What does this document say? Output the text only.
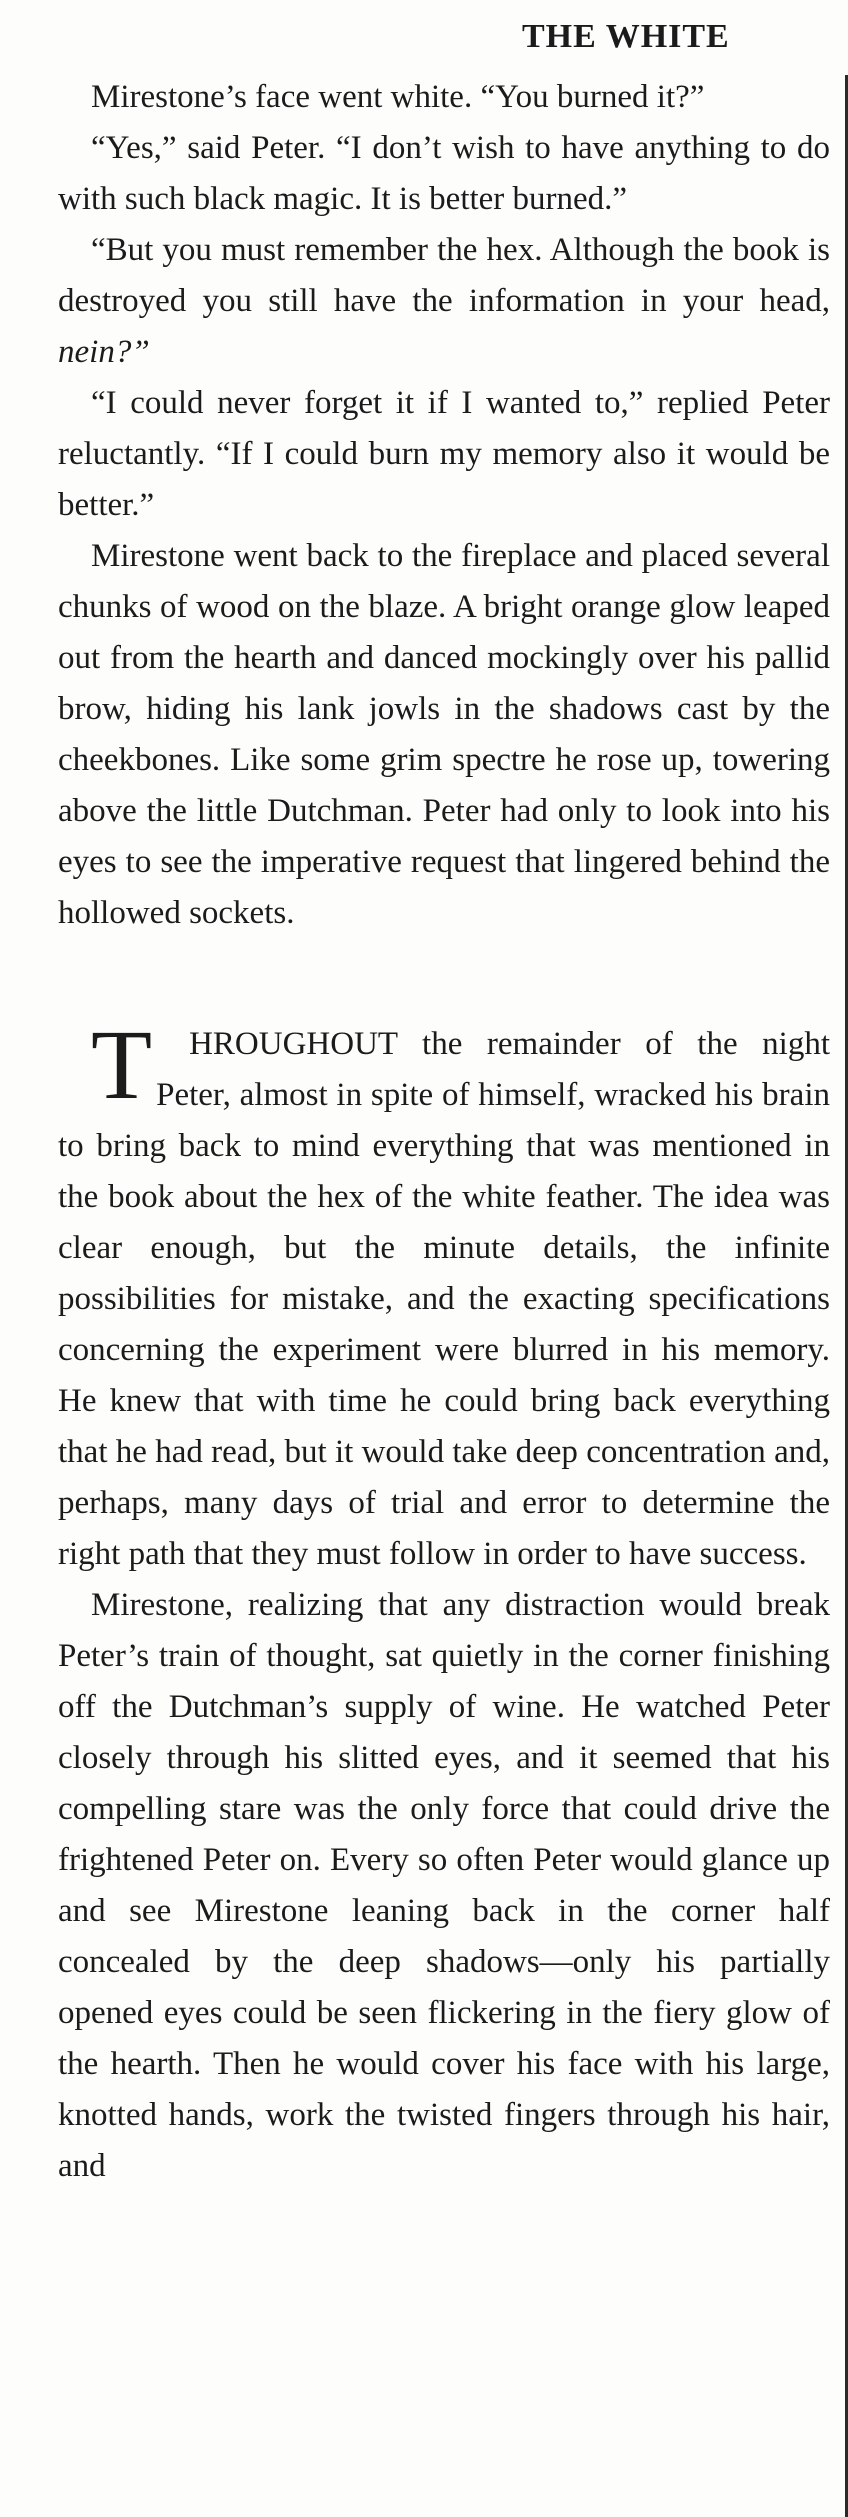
THE WHITE

Mirestone’s face went white. “You burned it?”

“Yes,” said Peter. “I don’t wish to have anything to do with such black magic. It is better burned.”

“But you must remember the hex. Although the book is destroyed you still have the information in your head, nein?”

“I could never forget it if I wanted to,” replied Peter reluctantly. “If I could burn my memory also it would be better.”

Mirestone went back to the fireplace and placed several chunks of wood on the blaze. A bright orange glow leaped out from the hearth and danced mockingly over his pallid brow, hiding his lank jowls in the shadows cast by the cheekbones. Like some grim spectre he rose up, towering above the little Dutchman. Peter had only to look into his eyes to see the imperative request that lingered behind the hollowed sockets.

T HROUGHOUT the remainder of the night Peter, almost in spite of himself, wracked his brain to bring back to mind everything that was mentioned in the book about the hex of the white feather. The idea was clear enough, but the minute details, the infinite possibilities for mistake, and the exacting specifications concerning the experiment were blurred in his memory. He knew that with time he could bring back everything that he had read, but it would take deep concentration and, perhaps, many days of trial and error to determine the right path that they must follow in order to have success.

Mirestone, realizing that any distraction would break Peter’s train of thought, sat quietly in the corner finishing off the Dutchman’s supply of wine. He watched Peter closely through his slitted eyes, and it seemed that his compelling stare was the only force that could drive the frightened Peter on. Every so often Peter would glance up and see Mirestone leaning back in the corner half concealed by the deep shadows—only his partially opened eyes could be seen flickering in the fiery glow of the hearth. Then he would cover his face with his large, knotted hands, work the twisted fingers through his hair, and
